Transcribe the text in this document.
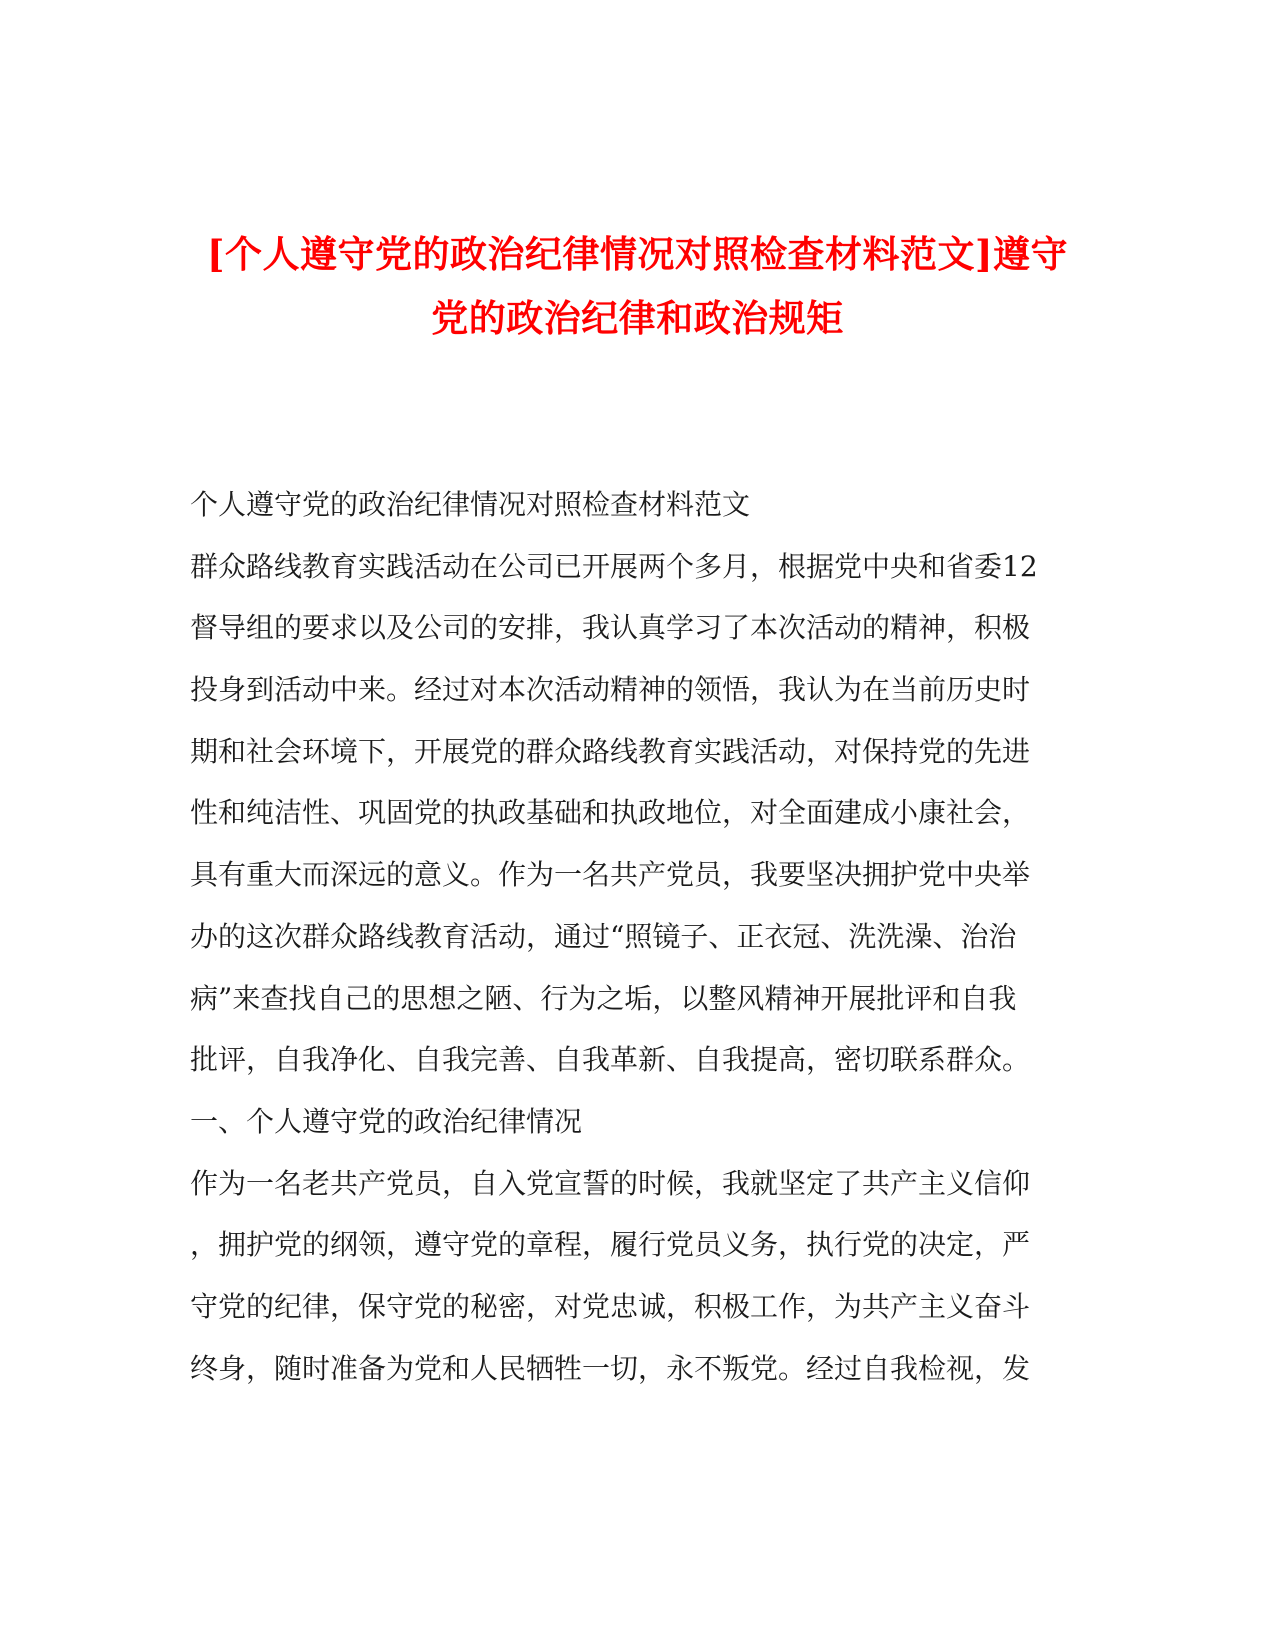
[个人遵守党的政治纪律情况对照检查材料范文]遵守
党的政治纪律和政治规矩
个人遵守党的政治纪律情况对照检查材料范文
群众路线教育实践活动在公司已开展两个多月，根据党中央和省委12
督导组的要求以及公司的安排，我认真学习了本次活动的精神，积极
投身到活动中来。经过对本次活动精神的领悟，我认为在当前历史时
期和社会环境下，开展党的群众路线教育实践活动，对保持党的先进
性和纯洁性、巩固党的执政基础和执政地位，对全面建成小康社会，
具有重大而深远的意义。作为一名共产党员，我要坚决拥护党中央举
办的这次群众路线教育活动，通过“照镜子、正衣冠、洗洗澡、治治
病”来查找自己的思想之陋、行为之垢，以整风精神开展批评和自我
批评，自我净化、自我完善、自我革新、自我提高，密切联系群众。
一、个人遵守党的政治纪律情况
作为一名老共产党员，自入党宣誓的时候，我就坚定了共产主义信仰
，拥护党的纲领，遵守党的章程，履行党员义务，执行党的决定，严
守党的纪律，保守党的秘密，对党忠诚，积极工作，为共产主义奋斗
终身，随时准备为党和人民牺牲一切，永不叛党。经过自我检视，发
